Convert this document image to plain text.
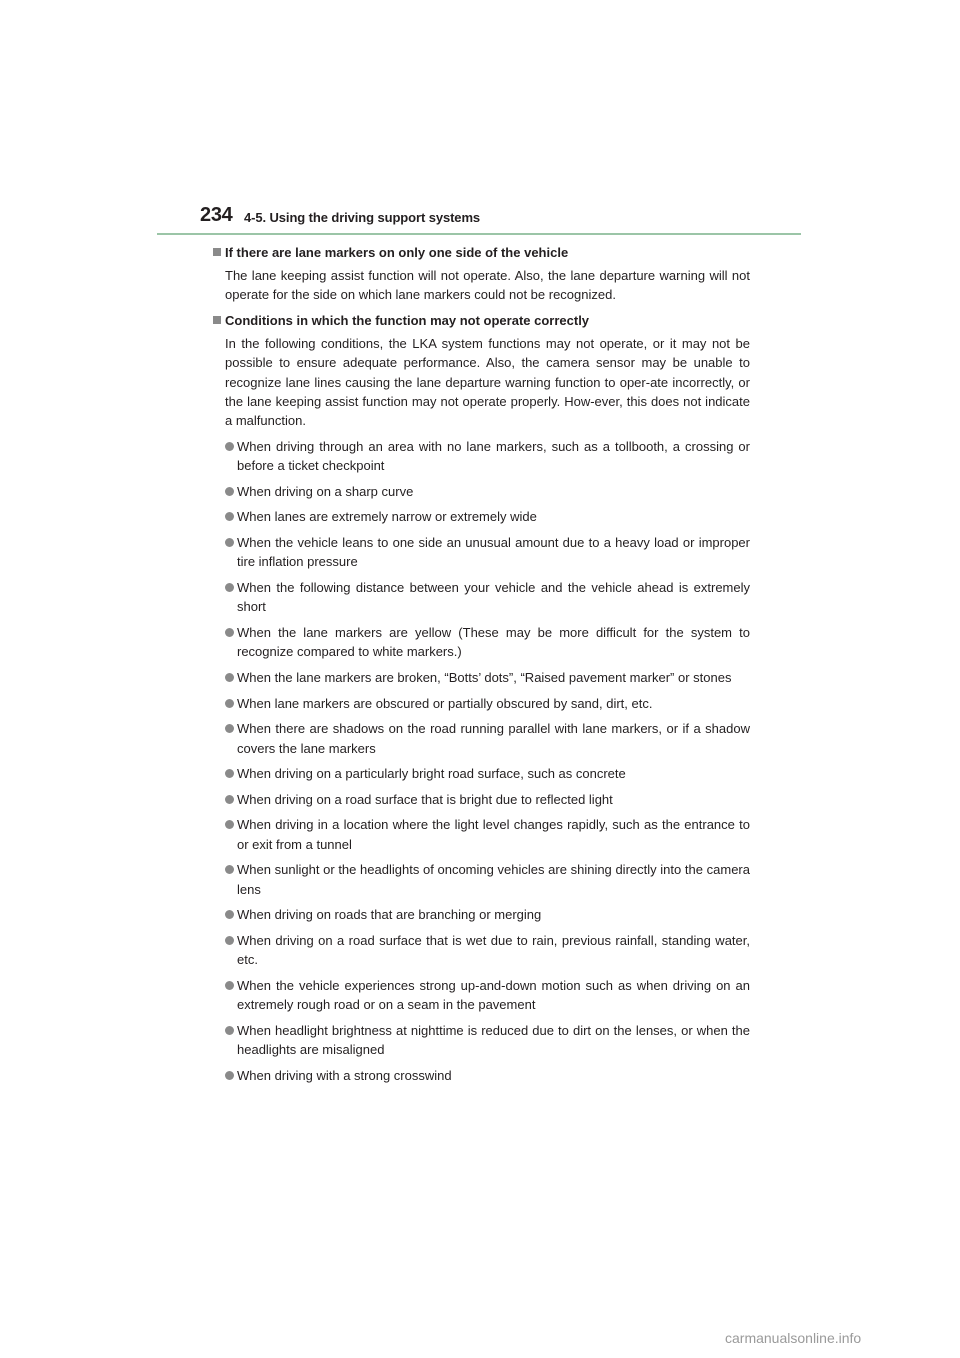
234 4-5. Using the driving support systems
If there are lane markers on only one side of the vehicle

The lane keeping assist function will not operate. Also, the lane departure warning will not operate for the side on which lane markers could not be recognized.

Conditions in which the function may not operate correctly

In the following conditions, the LKA system functions may not operate, or it may not be possible to ensure adequate performance. Also, the camera sensor may be unable to recognize lane lines causing the lane departure warning function to oper-ate incorrectly, or the lane keeping assist function may not operate properly. How-ever, this does not indicate a malfunction.

When driving through an area with no lane markers, such as a tollbooth, a crossing or before a ticket checkpoint
When driving on a sharp curve
When lanes are extremely narrow or extremely wide
When the vehicle leans to one side an unusual amount due to a heavy load or improper tire inflation pressure
When the following distance between your vehicle and the vehicle ahead is extremely short
When the lane markers are yellow (These may be more difficult for the system to recognize compared to white markers.)
When the lane markers are broken, “Botts’ dots”, “Raised pavement marker” or stones
When lane markers are obscured or partially obscured by sand, dirt, etc.
When there are shadows on the road running parallel with lane markers, or if a shadow covers the lane markers
When driving on a particularly bright road surface, such as concrete
When driving on a road surface that is bright due to reflected light
When driving in a location where the light level changes rapidly, such as the entrance to or exit from a tunnel
When sunlight or the headlights of oncoming vehicles are shining directly into the camera lens
When driving on roads that are branching or merging
When driving on a road surface that is wet due to rain, previous rainfall, standing water, etc.
When the vehicle experiences strong up-and-down motion such as when driving on an extremely rough road or on a seam in the pavement
When headlight brightness at nighttime is reduced due to dirt on the lenses, or when the headlights are misaligned
When driving with a strong crosswind
carmanualsonline.info
